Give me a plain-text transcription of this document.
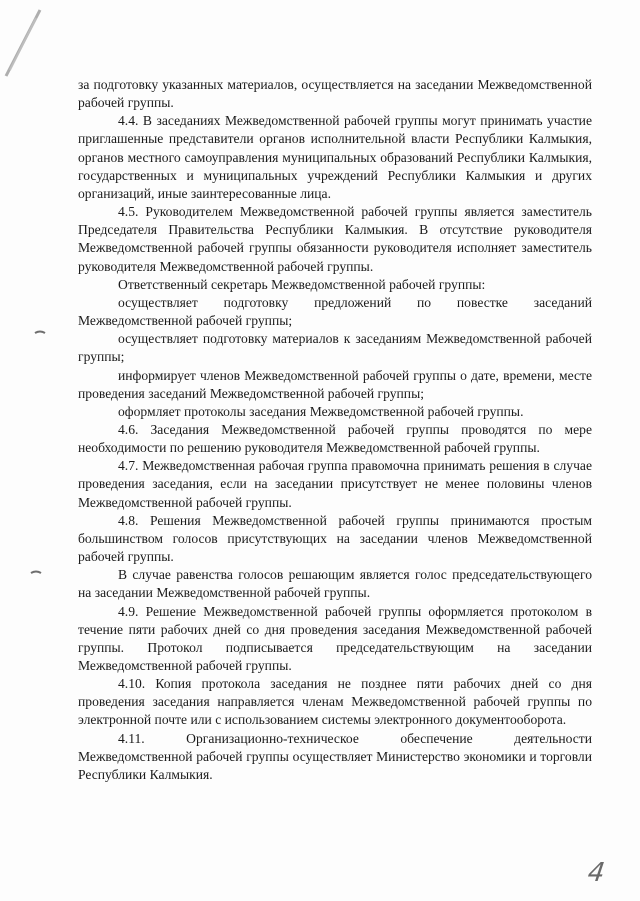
за подготовку указанных материалов, осуществляется на заседании Межведомственной рабочей группы.

4.4. В заседаниях Межведомственной рабочей группы могут принимать участие приглашенные представители органов исполнительной власти Республики Калмыкия, органов местного самоуправления муниципальных образований Республики Калмыкия, государственных и муниципальных учреждений Республики Калмыкия и других организаций, иные заинтересованные лица.

4.5. Руководителем Межведомственной рабочей группы является заместитель Председателя Правительства Республики Калмыкия. В отсутствие руководителя Межведомственной рабочей группы обязанности руководителя исполняет заместитель руководителя Межведомственной рабочей группы.

Ответственный секретарь Межведомственной рабочей группы:

осуществляет подготовку предложений по повестке заседаний Межведомственной рабочей группы;

осуществляет подготовку материалов к заседаниям Межведомственной рабочей группы;

информирует членов Межведомственной рабочей группы о дате, времени, месте проведения заседаний Межведомственной рабочей группы;

оформляет протоколы заседания Межведомственной рабочей группы.

4.6. Заседания Межведомственной рабочей группы проводятся по мере необходимости по решению руководителя Межведомственной рабочей группы.

4.7. Межведомственная рабочая группа правомочна принимать решения в случае проведения заседания, если на заседании присутствует не менее половины членов Межведомственной рабочей группы.

4.8. Решения Межведомственной рабочей группы принимаются простым большинством голосов присутствующих на заседании членов Межведомственной рабочей группы.

В случае равенства голосов решающим является голос председательствующего на заседании Межведомственной рабочей группы.

4.9. Решение Межведомственной рабочей группы оформляется протоколом в течение пяти рабочих дней со дня проведения заседания Межведомственной рабочей группы. Протокол подписывается председательствующим на заседании Межведомственной рабочей группы.

4.10. Копия протокола заседания не позднее пяти рабочих дней со дня проведения заседания направляется членам Межведомственной рабочей группы по электронной почте или с использованием системы электронного документооборота.

4.11. Организационно-техническое обеспечение деятельности Межведомственной рабочей группы осуществляет Министерство экономики и торговли Республики Калмыкия.

4
